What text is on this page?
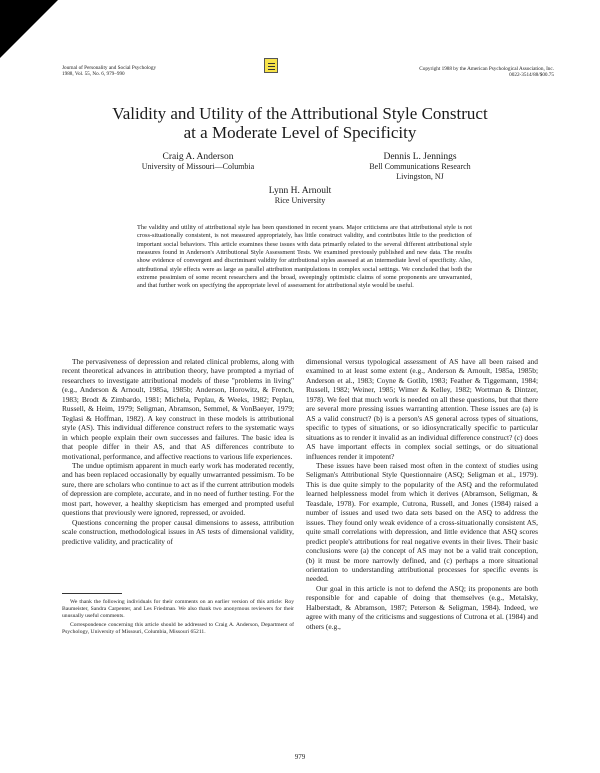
Journal of Personality and Social Psychology
1988, Vol. 55, No. 6, 979–990
Copyright 1988 by the American Psychological Association, Inc.
0022-3514/88/$00.75
Validity and Utility of the Attributional Style Construct
at a Moderate Level of Specificity
Craig A. Anderson
University of Missouri—Columbia
Dennis L. Jennings
Bell Communications Research
Livingston, NJ
Lynn H. Arnoult
Rice University
The validity and utility of attributional style has been questioned in recent years. Major criticisms are that attributional style is not cross-situationally consistent, is not measured appropriately, has little construct validity, and contributes little to the prediction of important social behaviors. This article examines these issues with data primarily related to the several different attributional style measures found in Anderson's Attributional Style Assessment Tests. We examined previously published and new data. The results show evidence of convergent and discriminant validity for attributional styles assessed at an intermediate level of specificity. Also, attributional style effects were as large as parallel attribution manipulations in complex social settings. We concluded that both the extreme pessimism of some recent researchers and the broad, sweepingly optimistic claims of some proponents are unwarranted, and that further work on specifying the appropriate level of assessment for attributional style would be useful.

The pervasiveness of depression and related clinical problems, along with recent theoretical advances in attribution theory, have prompted a myriad of researchers to investigate attributional models of these "problems in living" (e.g., Anderson & Arnoult, 1985a, 1985b; Anderson, Horowitz, & French, 1983; Brodt & Zimbardo, 1981; Michela, Peplau, & Weeks, 1982; Peplau, Russell, & Heim, 1979; Seligman, Abramson, Semmel, & VonBaeyer, 1979; Teglasi & Hoffman, 1982). A key construct in these models is attributional style (AS). This individual difference construct refers to the systematic ways in which people explain their own successes and failures. The basic idea is that people differ in their AS, and that AS differences contribute to motivational, performance, and affective reactions to various life experiences.

The undue optimism apparent in much early work has moderated recently, and has been replaced occasionally by equally unwarranted pessimism. To be sure, there are scholars who continue to act as if the current attribution models of depression are complete, accurate, and in no need of further testing. For the most part, however, a healthy skepticism has emerged and prompted useful questions that previously were ignored, repressed, or avoided.

Questions concerning the proper causal dimensions to assess, attribution scale construction, methodological issues in AS tests of dimensional validity, predictive validity, and practicality of

dimensional versus typological assessment of AS have all been raised and examined to at least some extent (e.g., Anderson & Arnoult, 1985a, 1985b; Anderson et al., 1983; Coyne & Gotlib, 1983; Feather & Tiggemann, 1984; Russell, 1982; Weiner, 1985; Wimer & Kelley, 1982; Wortman & Dintzer, 1978). We feel that much work is needed on all these questions, but that there are several more pressing issues warranting attention. These issues are (a) is AS a valid construct? (b) is a person's AS general across types of situations, specific to types of situations, or so idiosyncratically specific to particular situations as to render it invalid as an individual difference construct? (c) does AS have important effects in complex social settings, or do situational influences render it impotent?

These issues have been raised most often in the context of studies using Seligman's Attributional Style Questionnaire (ASQ; Seligman et al., 1979). This is due quite simply to the popularity of the ASQ and the reformulated learned helplessness model from which it derives (Abramson, Seligman, & Teasdale, 1978). For example, Cutrona, Russell, and Jones (1984) raised a number of issues and used two data sets based on the ASQ to address the issues. They found only weak evidence of a cross-situationally consistent AS, quite small correlations with depression, and little evidence that ASQ scores predict people's attributions for real negative events in their lives. Their basic conclusions were (a) the concept of AS may not be a valid trait conception, (b) it must be more narrowly defined, and (c) perhaps a more situational orientation to understanding attributional processes for specific events is needed.

Our goal in this article is not to defend the ASQ; its proponents are both responsible for and capable of doing that themselves (e.g., Metalsky, Halberstadt, & Abramson, 1987; Peterson & Seligman, 1984). Indeed, we agree with many of the criticisms and suggestions of Cutrona et al. (1984) and others (e.g.,

We thank the following individuals for their comments on an earlier version of this article: Roy Baumeister, Sandra Carpenter, and Les Friedman. We also thank two anonymous reviewers for their unusually useful comments.

Correspondence concerning this article should be addressed to Craig A. Anderson, Department of Psychology, University of Missouri, Columbia, Missouri 65211.

979
